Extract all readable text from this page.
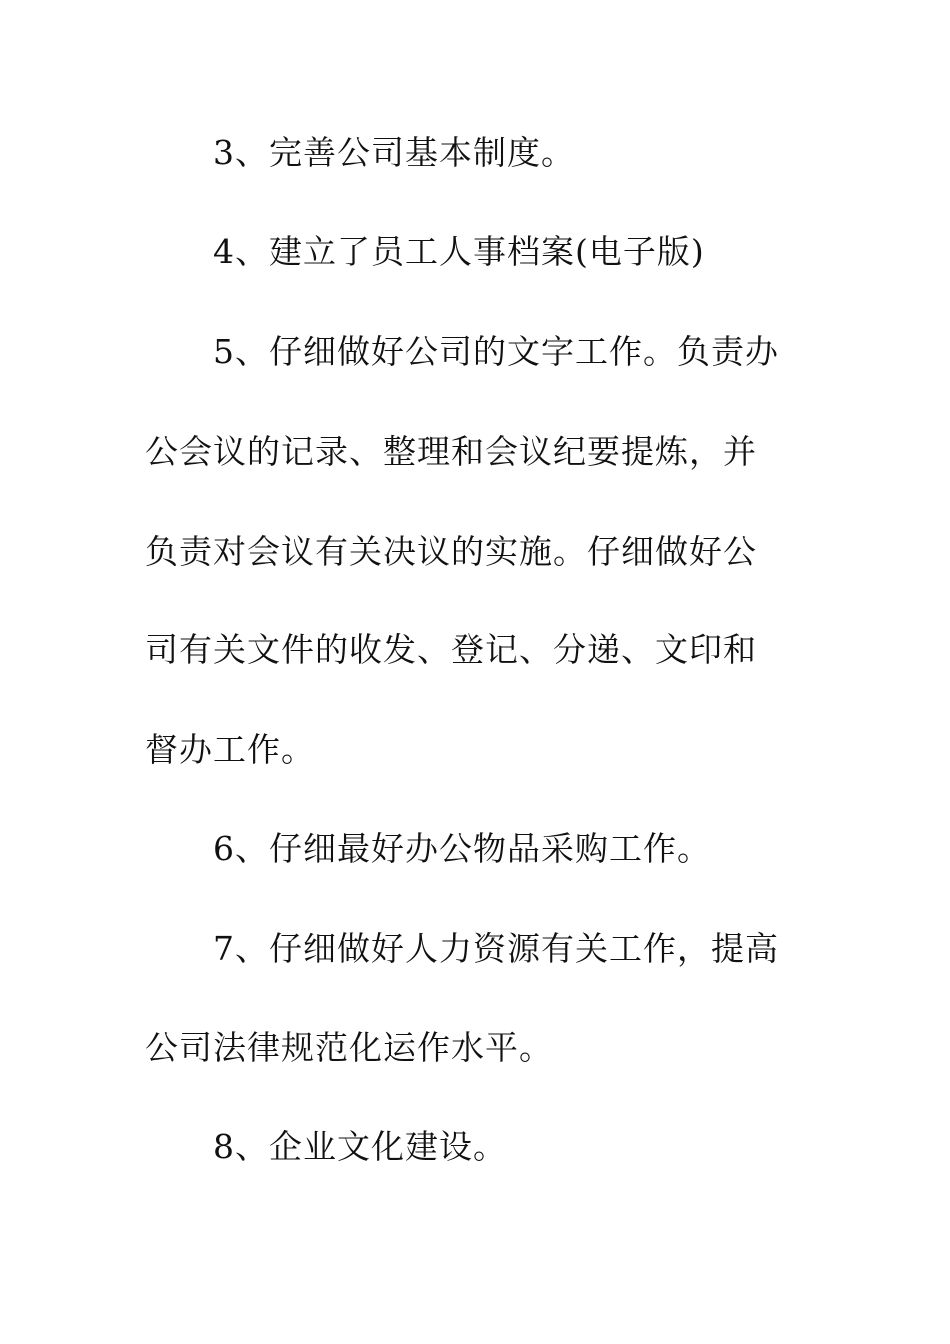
3、完善公司基本制度。
4、建立了员工人事档案(电子版)
5、仔细做好公司的文字工作。负责办
公会议的记录、整理和会议纪要提炼，并
负责对会议有关决议的实施。仔细做好公
司有关文件的收发、登记、分递、文印和
督办工作。
6、仔细最好办公物品采购工作。
7、仔细做好人力资源有关工作，提高
公司法律规范化运作水平。
8、企业文化建设。
